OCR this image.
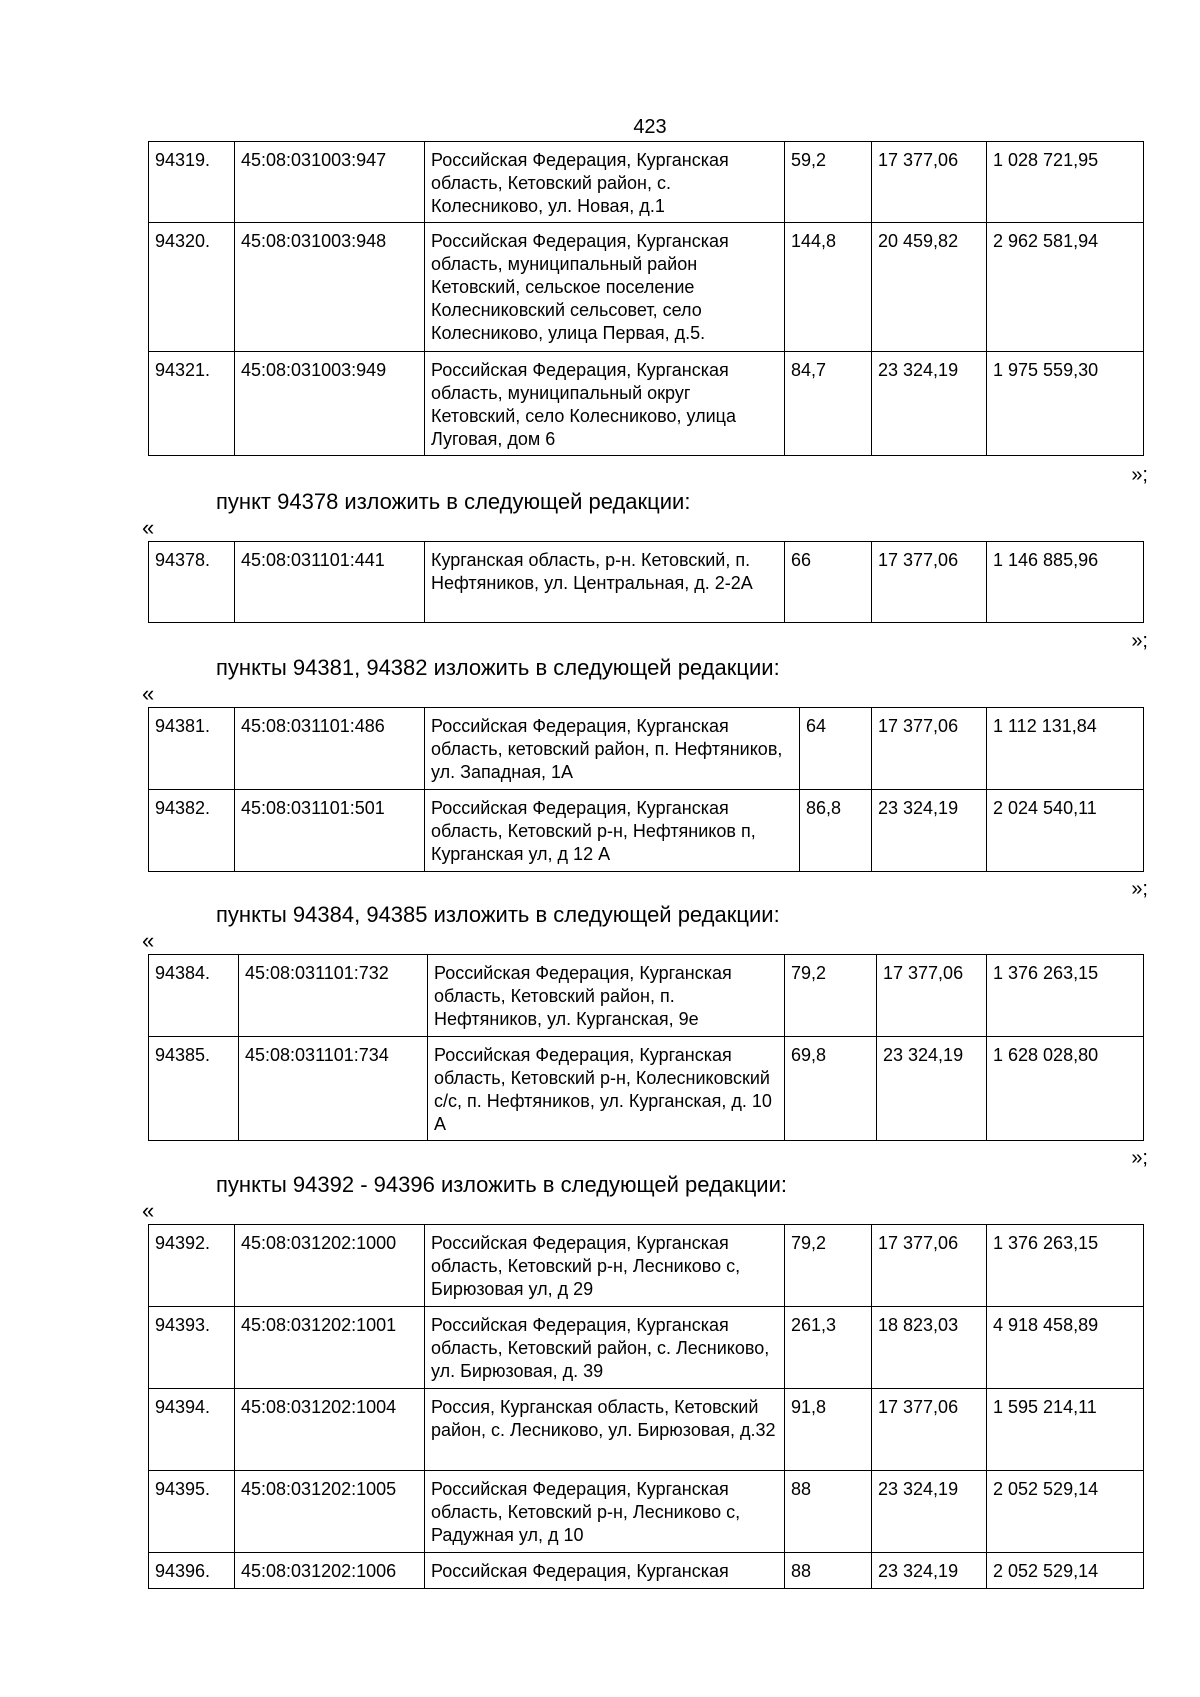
423
94319.	45:08:031003:947	Российская Федерация, Курганская область, Кетовский район, с. Колесниково, ул. Новая, д.1	59,2	17 377,06	1 028 721,95
94320.	45:08:031003:948	Российская Федерация, Курганская область, муниципальный район Кетовский, сельское поселение Колесниковский сельсовет, село Колесниково, улица Первая, д.5.	144,8	20 459,82	2 962 581,94
94321.	45:08:031003:949	Российская Федерация, Курганская область, муниципальный округ Кетовский, село Колесниково, улица Луговая, дом 6	84,7	23 324,19	1 975 559,30
»;
пункт 94378 изложить в следующей редакции:
«
94378.	45:08:031101:441	Курганская область, р-н. Кетовский, п. Нефтяников, ул. Центральная, д. 2-2А	66	17 377,06	1 146 885,96
»;
пункты 94381, 94382 изложить в следующей редакции:
«
94381.	45:08:031101:486	Российская Федерация, Курганская область, кетовский район, п. Нефтяников, ул. Западная, 1А	64	17 377,06	1 112 131,84
94382.	45:08:031101:501	Российская Федерация, Курганская область, Кетовский р-н, Нефтяников п, Курганская ул, д 12 А	86,8	23 324,19	2 024 540,11
»;
пункты 94384, 94385 изложить в следующей редакции:
«
94384.	45:08:031101:732	Российская Федерация, Курганская область, Кетовский район, п. Нефтяников, ул. Курганская, 9е	79,2	17 377,06	1 376 263,15
94385.	45:08:031101:734	Российская Федерация, Курганская область, Кетовский р-н, Колесниковский с/с, п. Нефтяников, ул. Курганская, д. 10 А	69,8	23 324,19	1 628 028,80
»;
пункты 94392 - 94396 изложить в следующей редакции:
«
94392.	45:08:031202:1000	Российская Федерация, Курганская область, Кетовский р-н, Лесниково с, Бирюзовая ул, д 29	79,2	17 377,06	1 376 263,15
94393.	45:08:031202:1001	Российская Федерация, Курганская область, Кетовский район, с. Лесниково, ул. Бирюзовая, д. 39	261,3	18 823,03	4 918 458,89
94394.	45:08:031202:1004	Россия, Курганская область, Кетовский район, с. Лесниково, ул. Бирюзовая, д.32	91,8	17 377,06	1 595 214,11
94395.	45:08:031202:1005	Российская Федерация, Курганская область, Кетовский р-н, Лесниково с, Радужная ул, д 10	88	23 324,19	2 052 529,14
94396.	45:08:031202:1006	Российская Федерация, Курганская	88	23 324,19	2 052 529,14
